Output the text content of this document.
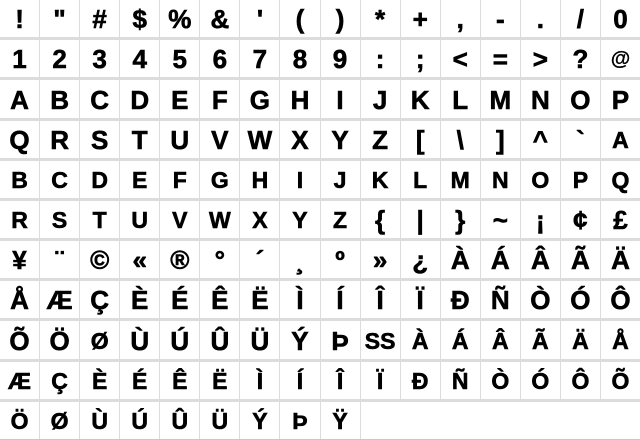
! " # $ % & ' ( ) * + , - . / 0
1 2 3 4 5 6 7 8 9 : ; < = > ? @
A B C D E F G H I J K L M N O P
Q R S T U V W X Y Z [ \ ] ^ ` A
B C D E F G H I J K L M N O P Q
R S T U V W X Y Z { | } ~ ¡ ¢ £
¥ ¨ © « ® ° ´ ¸ º » ¿ À Á Â Ã Ä
Å Æ Ç È É Ê Ë Ì Í Î Ï Ð Ñ Ò Ó Ô
Õ Ö Ø Ù Ú Û Ü Ý Þ SS À Á Â Ã Ä Å
Æ Ç È É Ê Ë Ì Í Î Ï Ð Ñ Ò Ó Ô Õ
Ö Ø Ù Ú Û Ü Ý Þ Ÿ
